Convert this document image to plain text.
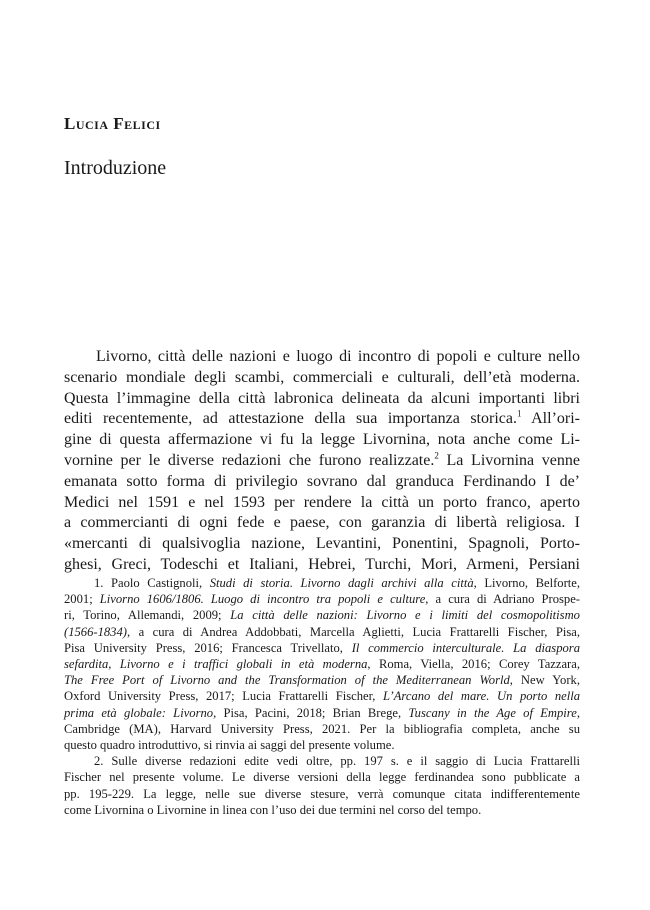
Lucia Felici
Introduzione

Livorno, città delle nazioni e luogo di incontro di popoli e culture nello
scenario mondiale degli scambi, commerciali e culturali, dell’età moderna.
Questa l’immagine della città labronica delineata da alcuni importanti libri
editi recentemente, ad attestazione della sua importanza storica.$^1$ All’ori-
gine di questa affermazione vi fu la legge Livornina, nota anche come Li-
vornine per le diverse redazioni che furono realizzate.$^2$ La Livornina venne
emanata sotto forma di privilegio sovrano dal granduca Ferdinando I de’
Medici nel 1591 e nel 1593 per rendere la città un porto franco, aperto
a commercianti di ogni fede e paese, con garanzia di libertà religiosa. I
«mercanti di qualsivoglia nazione, Levantini, Ponentini, Spagnoli, Porto-
ghesi, Greci, Todeschi et Italiani, Hebrei, Turchi, Mori, Armeni, Persiani

1. Paolo Castignoli, Studi di storia. Livorno dagli archivi alla città, Livorno, Belforte,
2001; Livorno 1606/1806. Luogo di incontro tra popoli e culture, a cura di Adriano Prospe-
ri, Torino, Allemandi, 2009; La città delle nazioni: Livorno e i limiti del cosmopolitismo
(1566-1834), a cura di Andrea Addobbati, Marcella Aglietti, Lucia Frattarelli Fischer, Pisa,
Pisa University Press, 2016; Francesca Trivellato, Il commercio interculturale. La diaspora
sefardita, Livorno e i traffici globali in età moderna, Roma, Viella, 2016; Corey Tazzara,
The Free Port of Livorno and the Transformation of the Mediterranean World, New York,
Oxford University Press, 2017; Lucia Frattarelli Fischer, L’Arcano del mare. Un porto nella
prima età globale: Livorno, Pisa, Pacini, 2018; Brian Brege, Tuscany in the Age of Empire,
Cambridge (MA), Harvard University Press, 2021. Per la bibliografia completa, anche su
questo quadro introduttivo, si rinvia ai saggi del presente volume.
2. Sulle diverse redazioni edite vedi oltre, pp. 197 s. e il saggio di Lucia Frattarelli
Fischer nel presente volume. Le diverse versioni della legge ferdinandea sono pubblicate a
pp. 195-229. La legge, nelle sue diverse stesure, verrà comunque citata indifferentemente
come Livornina o Livornine in linea con l’uso dei due termini nel corso del tempo.
